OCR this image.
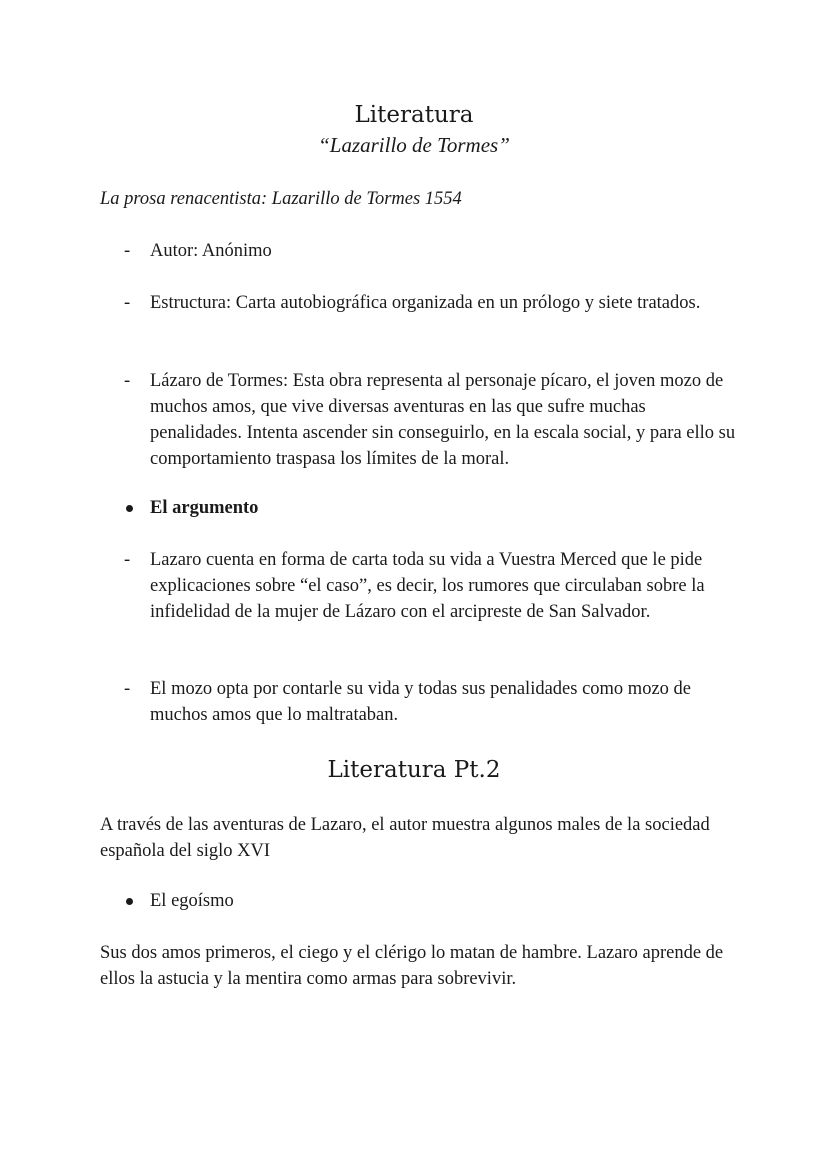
Literatura
“Lazarillo de Tormes”
La prosa renacentista: Lazarillo de Tormes 1554
-	Autor: Anónimo
-	Estructura: Carta autobiográfica organizada en un prólogo y siete tratados.
-	Lázaro de Tormes: Esta obra representa al personaje pícaro, el joven mozo de muchos amos, que vive diversas aventuras en las que sufre muchas penalidades. Intenta ascender sin conseguirlo, en la escala social, y para ello su comportamiento traspasa los límites de la moral.
El argumento
-	Lazaro cuenta en forma de carta toda su vida a Vuestra Merced que le pide explicaciones sobre “el caso”, es decir, los rumores que circulaban sobre la infidelidad de la mujer de Lázaro con el arcipreste de San Salvador.
-	El mozo opta por contarle su vida y todas sus penalidades como mozo de muchos amos que lo maltrataban.
Literatura Pt.2
A través de las aventuras de Lazaro, el autor muestra algunos males de la sociedad española del siglo XVI
El egoísmo
Sus dos amos primeros, el ciego y el clérigo lo matan de hambre. Lazaro aprende de ellos la astucia y la mentira como armas para sobrevivir.
